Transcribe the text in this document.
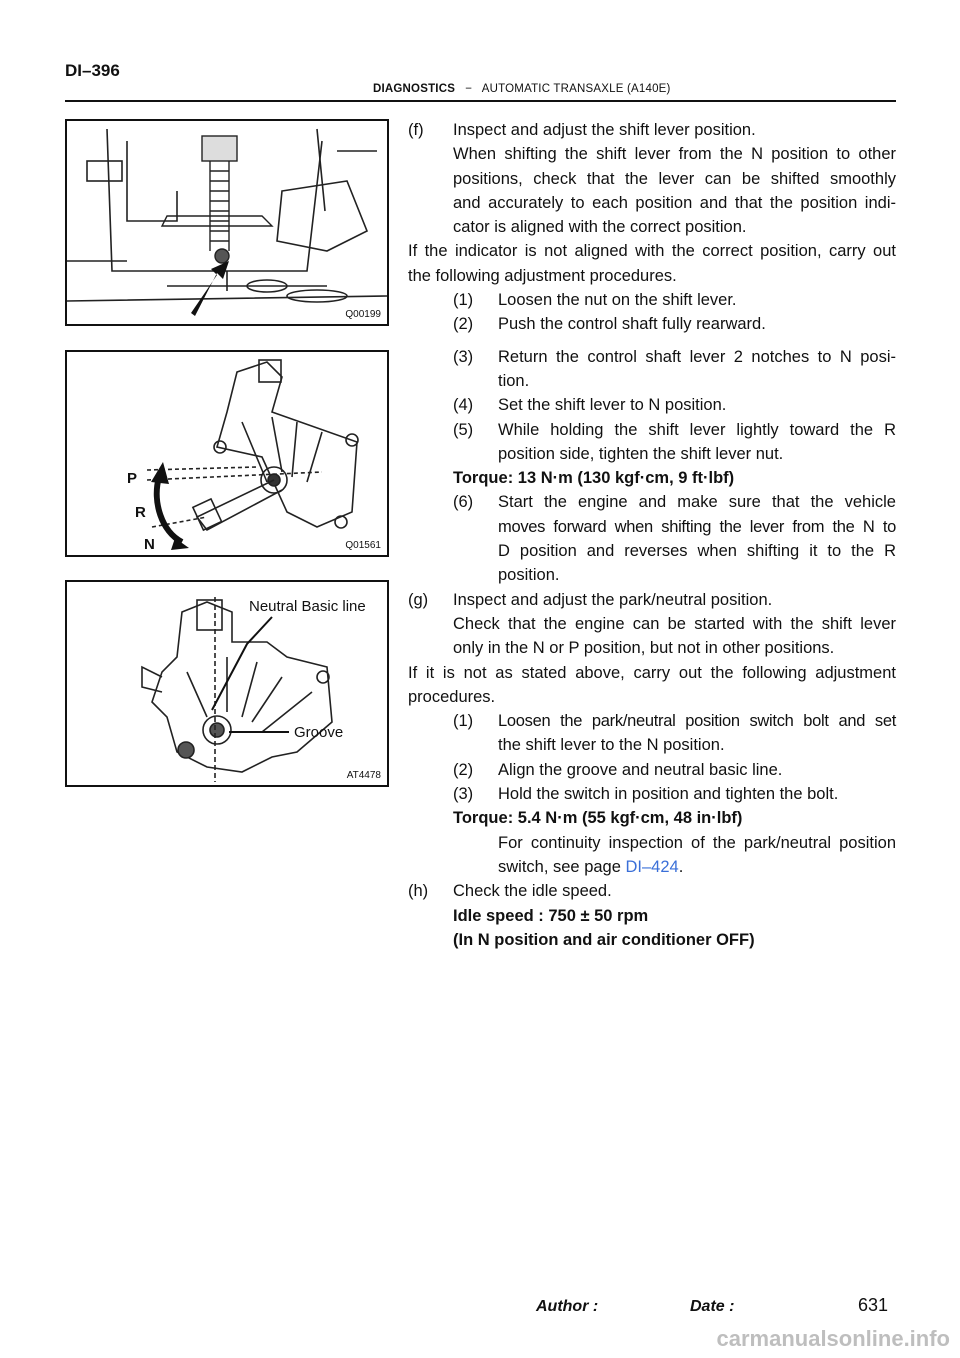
DI–396
DIAGNOSTICS − AUTOMATIC TRANSAXLE (A140E)
Q00199
P
R
N	Q01561
Neutral Basic line
Groove
AT4478
(f) Inspect and adjust the shift lever position.
When shifting the shift lever from the N position to other
positions, check that the lever can be shifted smoothly
and accurately to each position and that the position indi-
cator is aligned with the correct position.
If the indicator is not aligned with the correct position, carry out
the following adjustment procedures.
(1) Loosen the nut on the shift lever.
(2) Push the control shaft fully rearward.
(3) Return the control shaft lever 2 notches to N posi-
tion.
(4) Set the shift lever to N position.
(5) While holding the shift lever lightly toward the R
position side, tighten the shift lever nut.
Torque: 13 N·m (130 kgf·cm, 9 ft·lbf)
(6) Start the engine and make sure that the vehicle
moves forward when shifting the lever from the N to
D position and reverses when shifting it to the R
position.
(g) Inspect and adjust the park/neutral position.
Check that the engine can be started with the shift lever
only in the N or P position, but not in other positions.
If it is not as stated above, carry out the following adjustment
procedures.
(1) Loosen the park/neutral position switch bolt and set
the shift lever to the N position.
(2) Align the groove and neutral basic line.
(3) Hold the switch in position and tighten the bolt.
Torque: 5.4 N·m (55 kgf·cm, 48 in·lbf)
For continuity inspection of the park/neutral position
switch, see page DI–424.
(h) Check the idle speed.
Idle speed : 750 ± 50 rpm
(In N position and air conditioner OFF)
Author :	Date :	631
carmanualsonline.info
